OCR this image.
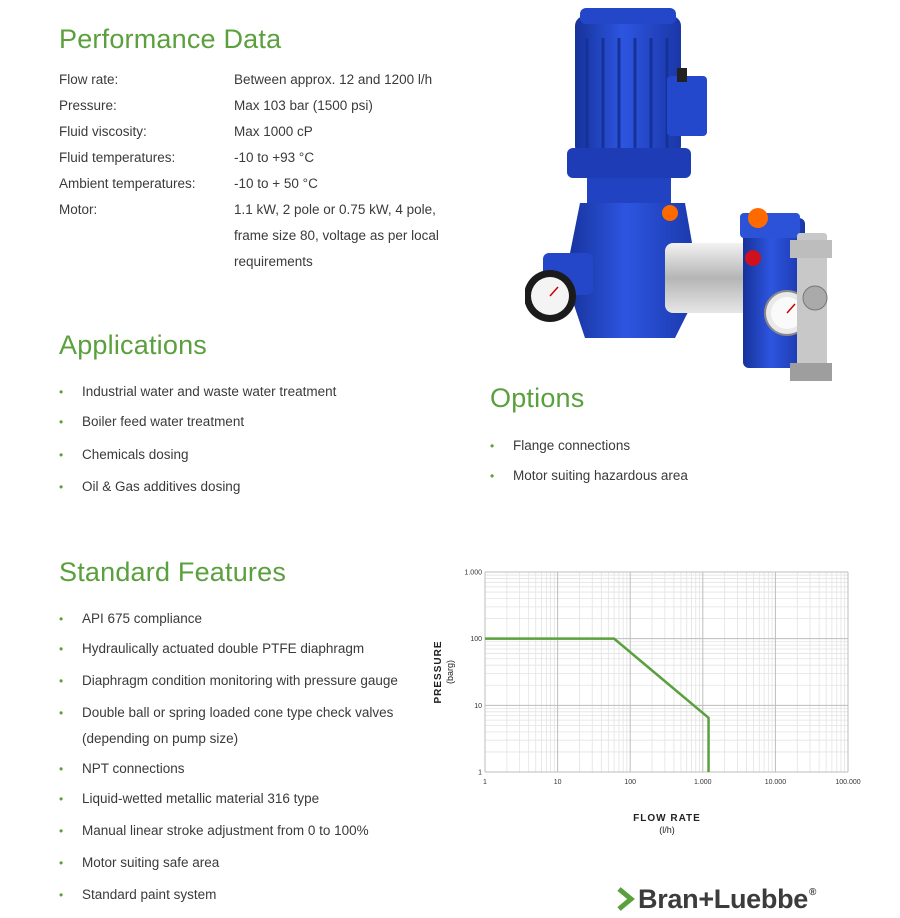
Performance Data
Flow rate:	Between approx. 12 and 1200 l/h
Pressure:	Max 103 bar (1500 psi)
Fluid viscosity:	Max 1000 cP
Fluid temperatures:	-10 to +93 °C
Ambient temperatures:	-10 to + 50 °C
Motor:	1.1 kW, 2 pole or 0.75 kW, 4 pole,
frame size 80, voltage as per local
requirements
Applications
• Industrial water and waste water treatment
• Boiler feed water treatment
• Chemicals dosing
• Oil & Gas additives dosing
Options
• Flange connections
• Motor suiting hazardous area
Standard Features
• API 675 compliance
• Hydraulically actuated double PTFE diaphragm
• Diaphragm condition monitoring with pressure gauge
• Double ball or spring loaded cone type check valves
(depending on pump size)
• NPT connections
• Liquid-wetted metallic material 316 type
• Manual linear stroke adjustment from 0 to 100%
• Motor suiting safe area
• Standard paint system
1	10	100	1.000	10.000	100.000
1
10
100
1.000
FLOW RATE
(l/h)
PRESSURE (barg)
Bran+Luebbe ®
